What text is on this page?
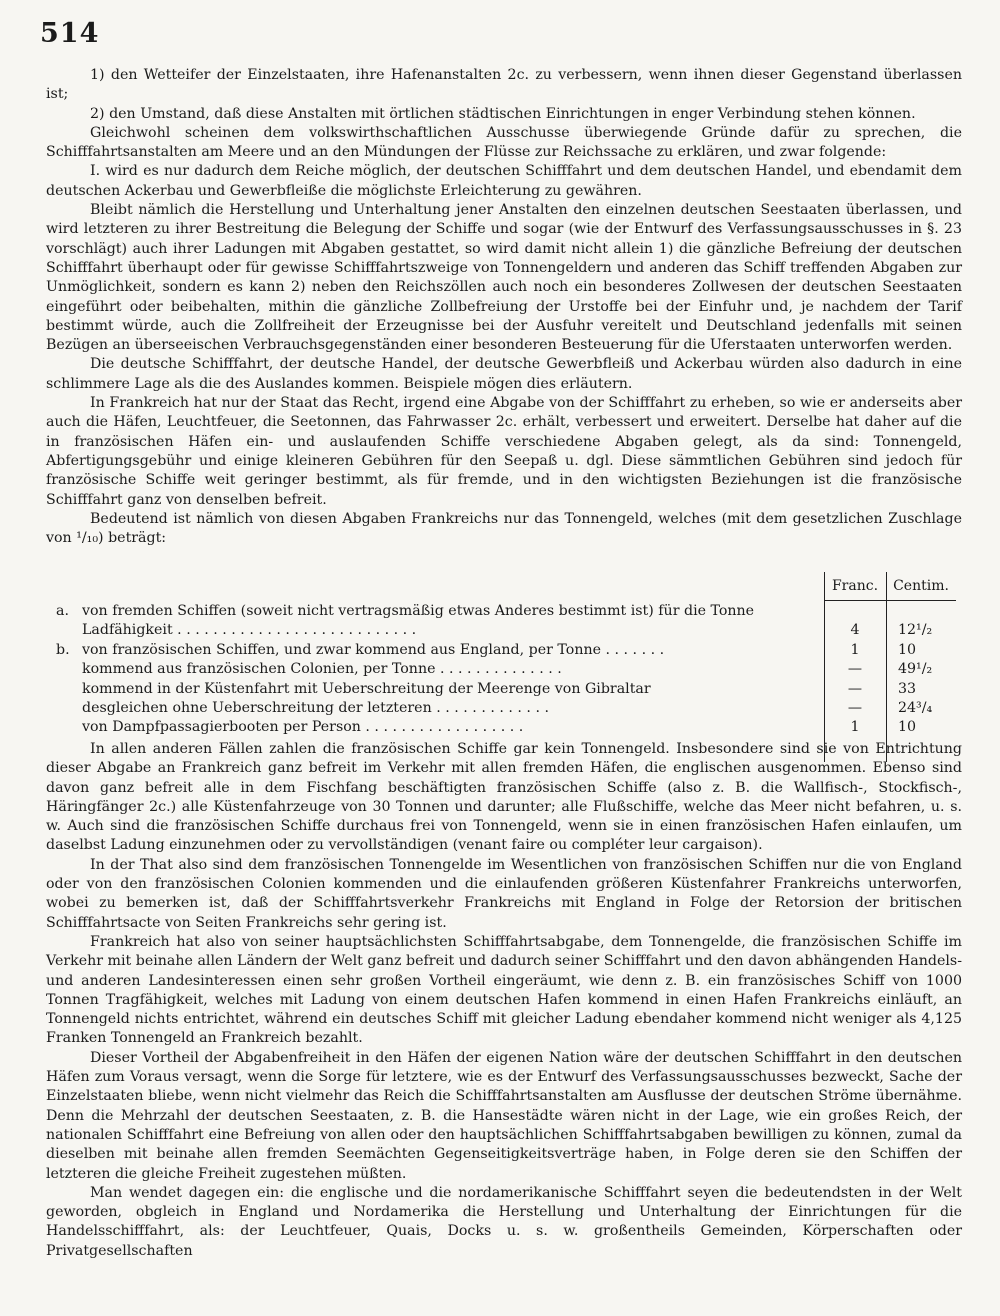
514

1) den Wetteifer der Einzelstaaten, ihre Hafenanstalten 2c. zu verbessern, wenn ihnen dieser Gegenstand überlassen ist;

2) den Umstand, daß diese Anstalten mit örtlichen städtischen Einrichtungen in enger Verbindung stehen können.

Gleichwohl scheinen dem volkswirthschaftlichen Ausschusse überwiegende Gründe dafür zu sprechen, die Schifffahrtsanstalten am Meere und an den Mündungen der Flüsse zur Reichssache zu erklären, und zwar folgende:

I. wird es nur dadurch dem Reiche möglich, der deutschen Schifffahrt und dem deutschen Handel, und ebendamit dem deutschen Ackerbau und Gewerbfleiße die möglichste Erleichterung zu gewähren.

Bleibt nämlich die Herstellung und Unterhaltung jener Anstalten den einzelnen deutschen Seestaaten überlassen, und wird letzteren zu ihrer Bestreitung die Belegung der Schiffe und sogar (wie der Entwurf des Verfassungsausschusses in §. 23 vorschlägt) auch ihrer Ladungen mit Abgaben gestattet, so wird damit nicht allein 1) die gänzliche Befreiung der deutschen Schifffahrt überhaupt oder für gewisse Schifffahrtszweige von Tonnengeldern und anderen das Schiff treffenden Abgaben zur Unmöglichkeit, sondern es kann 2) neben den Reichszöllen auch noch ein besonderes Zollwesen der deutschen Seestaaten eingeführt oder beibehalten, mithin die gänzliche Zollbefreiung der Urstoffe bei der Einfuhr und, je nachdem der Tarif bestimmt würde, auch die Zollfreiheit der Erzeugnisse bei der Ausfuhr vereitelt und Deutschland jedenfalls mit seinen Bezügen an überseeischen Verbrauchsgegenständen einer besonderen Besteuerung für die Uferstaaten unterworfen werden.

Die deutsche Schifffahrt, der deutsche Handel, der deutsche Gewerbfleiß und Ackerbau würden also dadurch in eine schlimmere Lage als die des Auslandes kommen. Beispiele mögen dies erläutern.

In Frankreich hat nur der Staat das Recht, irgend eine Abgabe von der Schifffahrt zu erheben, so wie er anderseits aber auch die Häfen, Leuchtfeuer, die Seetonnen, das Fahrwasser 2c. erhält, verbessert und erweitert. Derselbe hat daher auf die in französischen Häfen ein- und auslaufenden Schiffe verschiedene Abgaben gelegt, als da sind: Tonnengeld, Abfertigungsgebühr und einige kleineren Gebühren für den Seepaß u. dgl. Diese sämmtlichen Gebühren sind jedoch für französische Schiffe weit geringer bestimmt, als für fremde, und in den wichtigsten Beziehungen ist die französische Schifffahrt ganz von denselben befreit.

Bedeutend ist nämlich von diesen Abgaben Frankreichs nur das Tonnengeld, welches (mit dem gesetzlichen Zuschlage von ¹/₁₀) beträgt:

Franc.	Centim.
a. von fremden Schiffen (soweit nicht vertragsmäßig etwas Anderes bestimmt ist) für die Tonne
Ladfähigkeit . . . . . . . . . . . . . . . . . . . . . . . . . . .	4	12¹/₂
b. von französischen Schiffen, und zwar kommend aus England, per Tonne . . . . . . .	1	10
kommend aus französischen Colonien, per Tonne . . . . . . . . . . . . . .	—	49¹/₂
kommend in der Küstenfahrt mit Ueberschreitung der Meerenge von Gibraltar	—	33
desgleichen ohne Ueberschreitung der letzteren . . . . . . . . . . . . .	—	24³/₄
von Dampfpassagierbooten per Person . . . . . . . . . . . . . . . . . .	1	10

In allen anderen Fällen zahlen die französischen Schiffe gar kein Tonnengeld. Insbesondere sind sie von Entrichtung dieser Abgabe an Frankreich ganz befreit im Verkehr mit allen fremden Häfen, die englischen ausgenommen. Ebenso sind davon ganz befreit alle in dem Fischfang beschäftigten französischen Schiffe (also z. B. die Wallfisch-, Stockfisch-, Häringfänger 2c.) alle Küstenfahrzeuge von 30 Tonnen und darunter; alle Flußschiffe, welche das Meer nicht befahren, u. s. w. Auch sind die französischen Schiffe durchaus frei von Tonnengeld, wenn sie in einen französischen Hafen einlaufen, um daselbst Ladung einzunehmen oder zu vervollständigen (venant faire ou compléter leur cargaison).

In der That also sind dem französischen Tonnengelde im Wesentlichen von französischen Schiffen nur die von England oder von den französischen Colonien kommenden und die einlaufenden größeren Küstenfahrer Frankreichs unterworfen, wobei zu bemerken ist, daß der Schifffahrtsverkehr Frankreichs mit England in Folge der Retorsion der britischen Schifffahrtsacte von Seiten Frankreichs sehr gering ist.

Frankreich hat also von seiner hauptsächlichsten Schifffahrtsabgabe, dem Tonnengelde, die französischen Schiffe im Verkehr mit beinahe allen Ländern der Welt ganz befreit und dadurch seiner Schifffahrt und den davon abhängenden Handels- und anderen Landesinteressen einen sehr großen Vortheil eingeräumt, wie denn z. B. ein französisches Schiff von 1000 Tonnen Tragfähigkeit, welches mit Ladung von einem deutschen Hafen kommend in einen Hafen Frankreichs einläuft, an Tonnengeld nichts entrichtet, während ein deutsches Schiff mit gleicher Ladung ebendaher kommend nicht weniger als 4,125 Franken Tonnengeld an Frankreich bezahlt.

Dieser Vortheil der Abgabenfreiheit in den Häfen der eigenen Nation wäre der deutschen Schifffahrt in den deutschen Häfen zum Voraus versagt, wenn die Sorge für letztere, wie es der Entwurf des Verfassungsausschusses bezweckt, Sache der Einzelstaaten bliebe, wenn nicht vielmehr das Reich die Schifffahrtsanstalten am Ausflusse der deutschen Ströme übernähme. Denn die Mehrzahl der deutschen Seestaaten, z. B. die Hansestädte wären nicht in der Lage, wie ein großes Reich, der nationalen Schifffahrt eine Befreiung von allen oder den hauptsächlichen Schifffahrtsabgaben bewilligen zu können, zumal da dieselben mit beinahe allen fremden Seemächten Gegenseitigkeitsverträge haben, in Folge deren sie den Schiffen der letzteren die gleiche Freiheit zugestehen müßten.

Man wendet dagegen ein: die englische und die nordamerikanische Schifffahrt seyen die bedeutendsten in der Welt geworden, obgleich in England und Nordamerika die Herstellung und Unterhaltung der Einrichtungen für die Handelsschifffahrt, als: der Leuchtfeuer, Quais, Docks u. s. w. großentheils Gemeinden, Körperschaften oder Privatgesellschaften
